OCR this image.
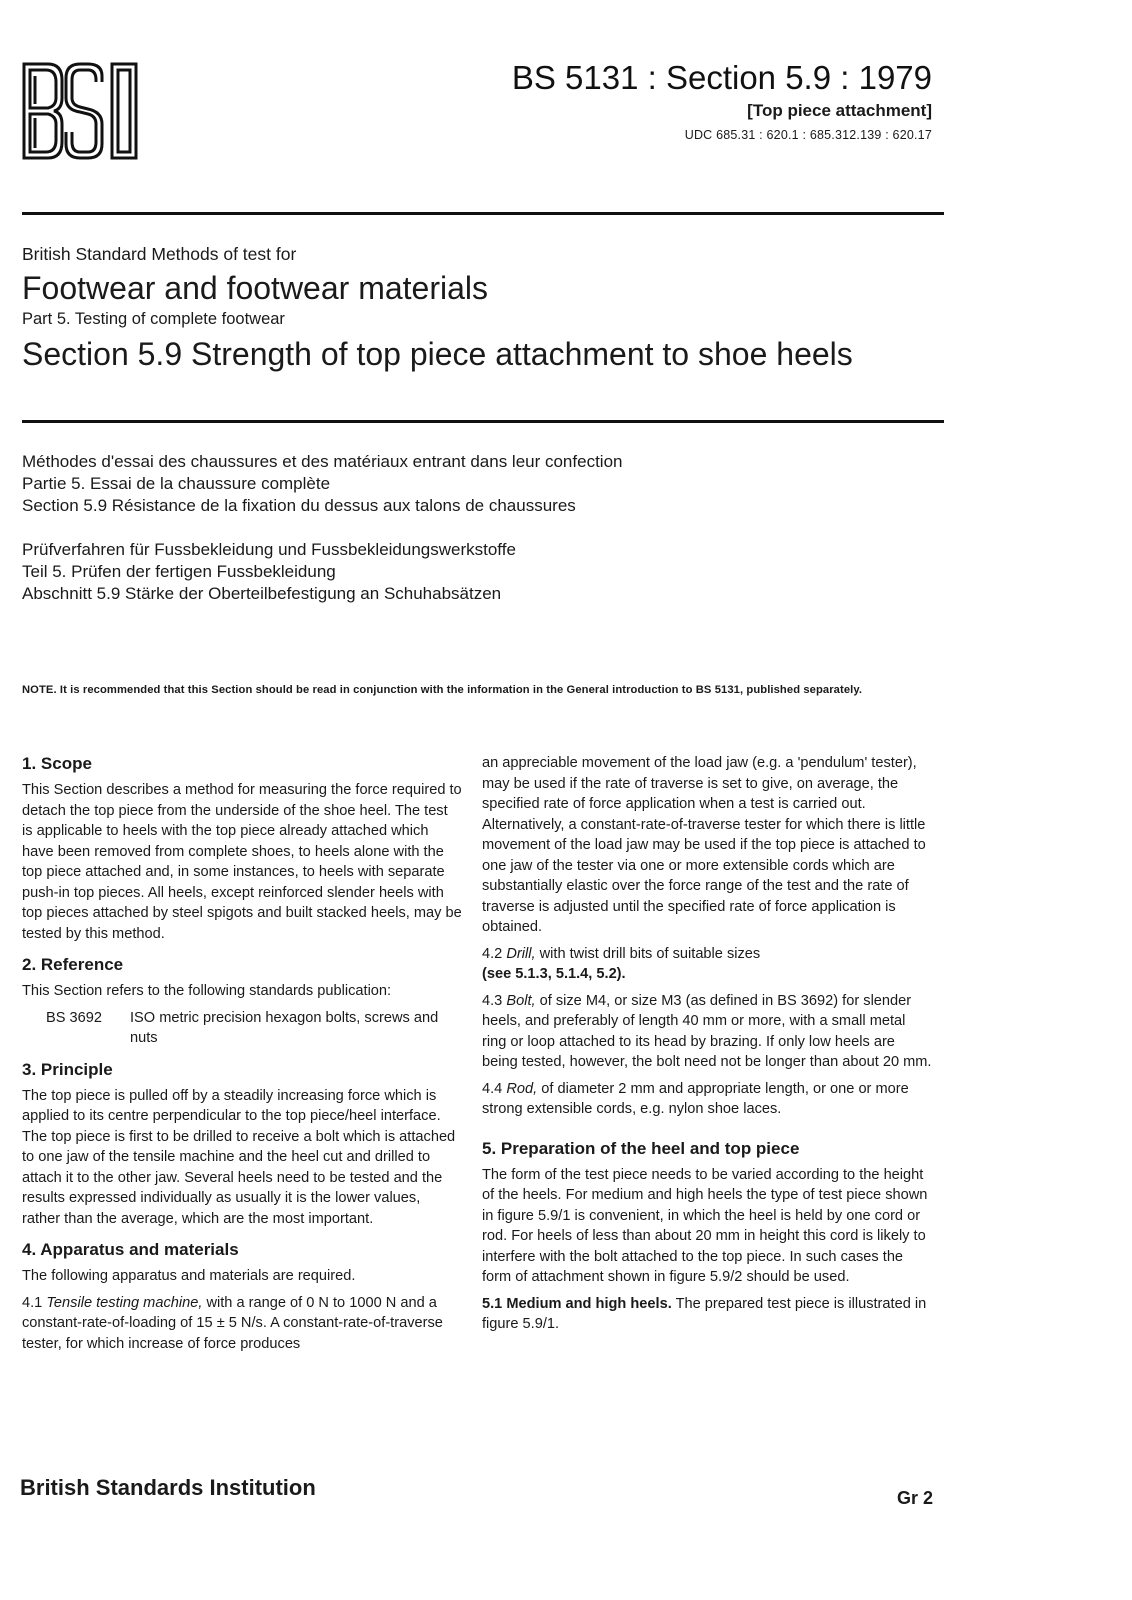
BS 5131 : Section 5.9 : 1979
[Top piece attachment]
UDC 685.31 : 620.1 : 685.312.139 : 620.17
British Standard Methods of test for
Footwear and footwear materials
Part 5. Testing of complete footwear
Section 5.9 Strength of top piece attachment to shoe heels
Méthodes d'essai des chaussures et des matériaux entrant dans leur confection
Partie 5. Essai de la chaussure complète
Section 5.9 Résistance de la fixation du dessus aux talons de chaussures
Prüfverfahren für Fussbekleidung und Fussbekleidungswerkstoffe
Teil 5. Prüfen der fertigen Fussbekleidung
Abschnitt 5.9 Stärke der Oberteilbefestigung an Schuhabsätzen
NOTE. It is recommended that this Section should be read in conjunction with the information in the General introduction to BS 5131, published separately.
1. Scope

This Section describes a method for measuring the force required to detach the top piece from the underside of the shoe heel. The test is applicable to heels with the top piece already attached which have been removed from complete shoes, to heels alone with the top piece attached and, in some instances, to heels with separate push-in top pieces. All heels, except reinforced slender heels with top pieces attached by steel spigots and built stacked heels, may be tested by this method.

2. Reference

This Section refers to the following standards publication:

BS 3692	ISO metric precision hexagon bolts, screws and nuts
3. Principle

The top piece is pulled off by a steadily increasing force which is applied to its centre perpendicular to the top piece/heel interface. The top piece is first to be drilled to receive a bolt which is attached to one jaw of the tensile machine and the heel cut and drilled to attach it to the other jaw. Several heels need to be tested and the results expressed individually as usually it is the lower values, rather than the average, which are the most important.

4. Apparatus and materials

The following apparatus and materials are required.

4.1 Tensile testing machine, with a range of 0 N to 1000 N and a constant-rate-of-loading of 15 ± 5 N/s. A constant-rate-of-traverse tester, for which increase of force produces

an appreciable movement of the load jaw (e.g. a 'pendulum' tester), may be used if the rate of traverse is set to give, on average, the specified rate of force application when a test is carried out. Alternatively, a constant-rate-of-traverse tester for which there is little movement of the load jaw may be used if the top piece is attached to one jaw of the tester via one or more extensible cords which are substantially elastic over the force range of the test and the rate of traverse is adjusted until the specified rate of force application is obtained.

4.2 Drill, with twist drill bits of suitable sizes
(see 5.1.3, 5.1.4, 5.2).

4.3 Bolt, of size M4, or size M3 (as defined in BS 3692) for slender heels, and preferably of length 40 mm or more, with a small metal ring or loop attached to its head by brazing. If only low heels are being tested, however, the bolt need not be longer than about 20 mm.

4.4 Rod, of diameter 2 mm and appropriate length, or one or more strong extensible cords, e.g. nylon shoe laces.

5. Preparation of the heel and top piece

The form of the test piece needs to be varied according to the height of the heels. For medium and high heels the type of test piece shown in figure 5.9/1 is convenient, in which the heel is held by one cord or rod. For heels of less than about 20 mm in height this cord is likely to interfere with the bolt attached to the top piece. In such cases the form of attachment shown in figure 5.9/2 should be used.

5.1 Medium and high heels. The prepared test piece is illustrated in figure 5.9/1.

British Standards Institution	Gr 2
